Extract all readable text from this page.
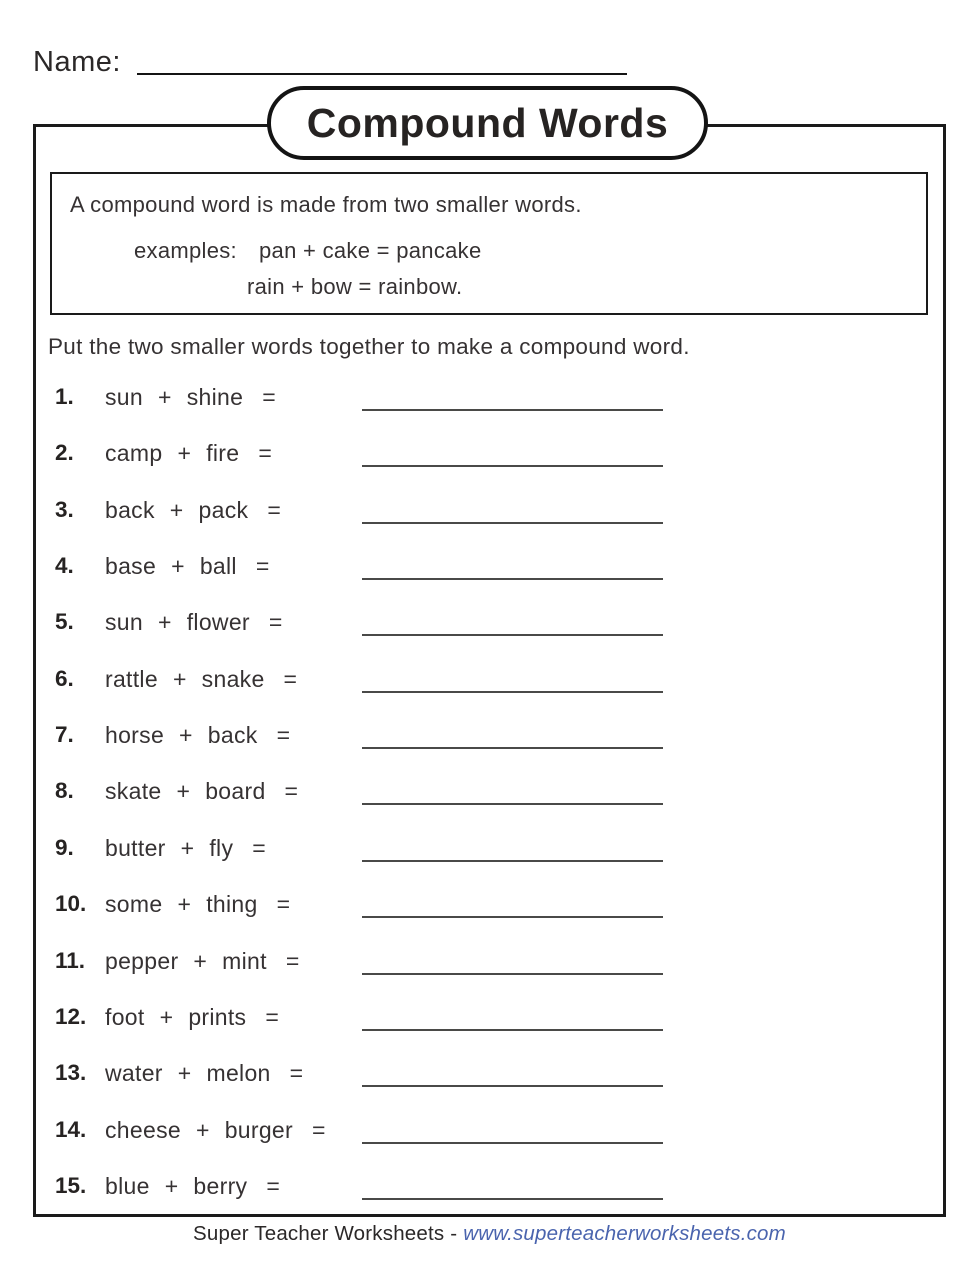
Name:
Compound Words
A compound word is made from two smaller words.
examples: pan + cake = pancake
rain + bow = rainbow.
Put the two smaller words together to make a compound word.
1. sun + shine =
2. camp + fire =
3. back + pack =
4. base + ball =
5. sun + flower =
6. rattle + snake =
7. horse + back =
8. skate + board =
9. butter + fly =
10. some + thing =
11. pepper + mint =
12. foot + prints =
13. water + melon =
14. cheese + burger =
15. blue + berry =
Super Teacher Worksheets - www.superteacherworksheets.com
